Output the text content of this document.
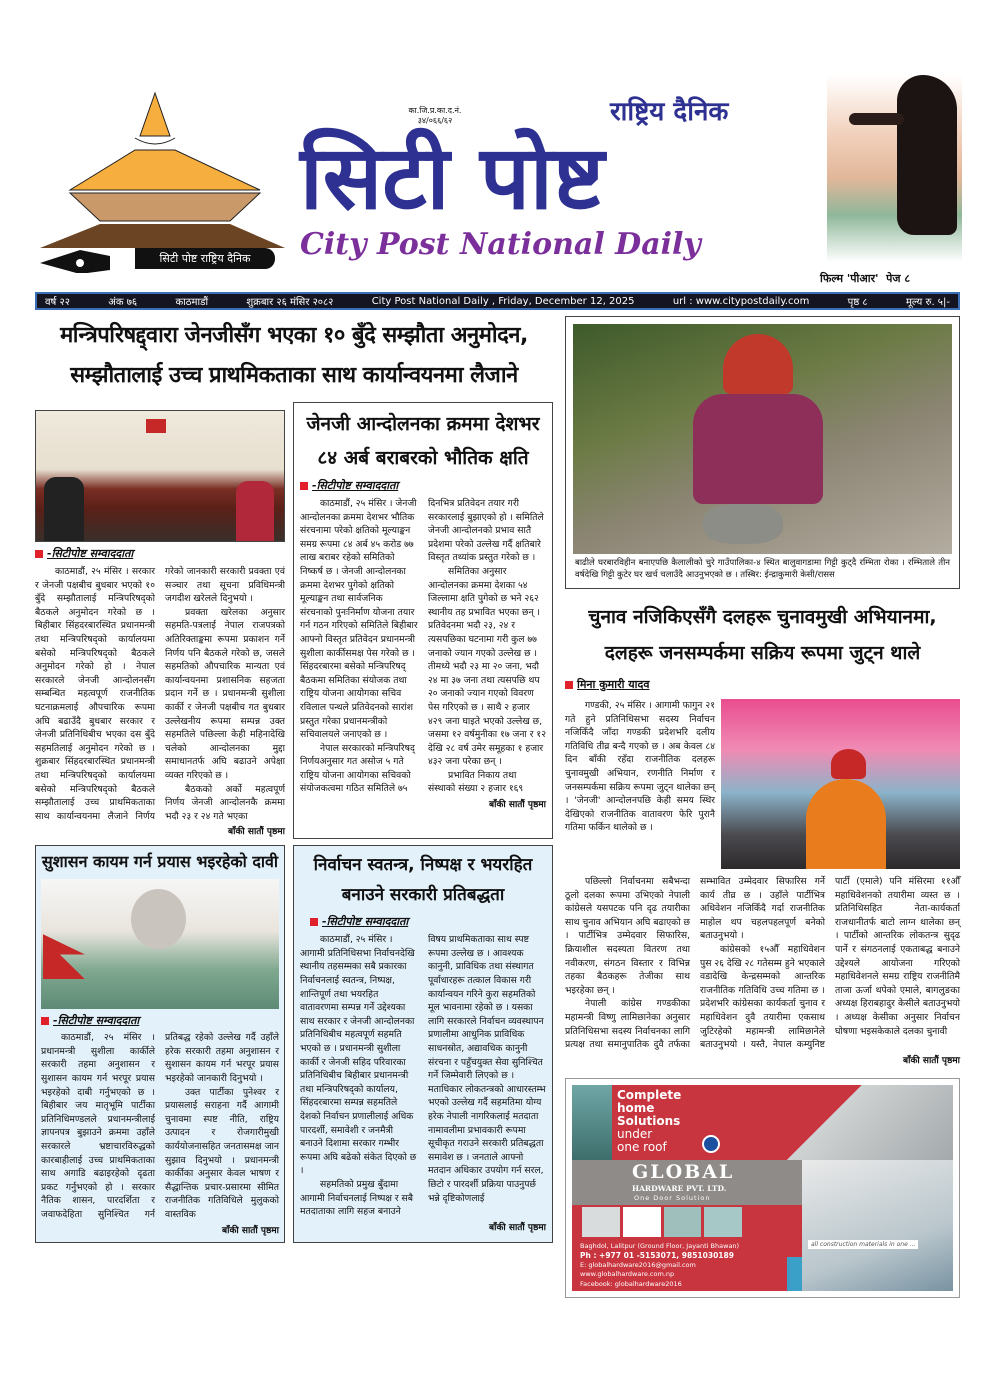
सिटी पोष्ट राष्ट्रिय दैनिक
का.जि.प्र.का.द.नं.
३४/०६६/६२	राष्ट्रिय दैनिक
सिटी पोष्ट
City Post National Daily
फिल्म 'पीआर'  पेज ८
वर्ष २२	अंक ७६	काठमाडौं	शुक्रबार २६ मंसिर २०८२	City Post National Daily , Friday, December 12, 2025	url : www.citypostdaily.com	पृष्ठ ८	मूल्य रु. ५|-
मन्त्रिपरिषद्द्वारा जेनजीसँग भएका १० बुँदे सम्झौता अनुमोदन,
सम्झौतालाई उच्च प्राथमिकताका साथ कार्यान्वयनमा लैजाने
-सिटीपोष्ट सम्वाददाता

काठमाडौं, २५ मंसिर । सरकार र जेनजी पक्षबीच बुधबार भएको १० बुँदे सम्झौतालाई मन्त्रिपरिषद्को बैठकले अनुमोदन गरेको छ । बिहीबार सिंहदरबारस्थित प्रधानमन्त्री तथा मन्त्रिपरिषद्को कार्यालयमा बसेको मन्त्रिपरिषद्को बैठकले अनुमोदन गरेको हो । नेपाल सरकारले जेनजी आन्दोलनसँग सम्बन्धित महत्वपूर्ण राजनीतिक घटनाक्रमलाई औपचारिक रूपमा अघि बढाउँदै बुधबार सरकार र जेनजी प्रतिनिधिबीच भएका दस बुँदे सहमतिलाई अनुमोदन गरेको छ । शुक्रबार सिंहदरबारस्थित प्रधानमन्त्री तथा मन्त्रिपरिषद्को कार्यालयमा बसेको मन्त्रिपरिषद्को बैठकले सम्झौतालाई उच्च प्राथमिकताका साथ कार्यान्वयनमा लैजाने निर्णय गरेको जानकारी सरकारी प्रवक्ता एवं सञ्चार तथा सूचना प्रविधिमन्त्री जगदीश खरेलले दिनुभयो ।

प्रवक्ता खरेलका अनुसार सहमति-पत्रलाई नेपाल राजपत्रको अतिरिक्ताङ्कमा रूपमा प्रकाशन गर्ने निर्णय पनि बैठकले गरेको छ, जसले सहमतिको औपचारिक मान्यता एवं कार्यान्वयनमा प्रशासनिक सहजता प्रदान गर्ने छ । प्रधानमन्त्री सुशीला कार्की र जेनजी पक्षबीच गत बुधबार उल्लेखनीय रूपमा सम्पन्न उक्त सहमतिले पछिल्ला केही महिनादेखि चलेको आन्दोलनका मुद्दा समाधानतर्फ अघि बढाउने अपेक्षा व्यक्त गरिएको छ ।

बैठकको अर्को महत्वपूर्ण निर्णय जेनजी आन्दोलनकै क्रममा भदौ २३ र २४ गते भएका

बाँकी सातौं पृष्ठमा
जेनजी आन्दोलनका क्रममा देशभर
८४ अर्ब बराबरको भौतिक क्षति
-सिटीपोष्ट सम्वाददाता

काठमाडौं, २५ मंसिर । जेनजी आन्दोलनका क्रममा देशभर भौतिक संरचनामा परेको क्षतिको मूल्याङ्कन समग्र रूपमा ८४ अर्ब ४५ करोड ७७ लाख बराबर रहेको समितिको निष्कर्ष छ । जेनजी आन्दोलनका क्रममा देशभर पुगेको क्षतिको मूल्याङ्कन तथा सार्वजनिक संरचनाको पुनःनिर्माण योजना तयार गर्न गठन गरिएको समितिले बिहीबार आफ्नो विस्तृत प्रतिवेदन प्रधानमन्त्री सुशीला कार्कीसमक्ष पेस गरेको छ । सिंहदरबारमा बसेको मन्त्रिपरिषद् बैठकमा समितिका संयोजक तथा राष्ट्रिय योजना आयोगका सचिव रविलाल पन्थले प्रतिवेदनको सारांश प्रस्तुत गरेका प्रधानमन्त्रीको सचिवालयले जनाएको छ ।

नेपाल सरकारको मन्त्रिपरिषद् निर्णयअनुसार गत असोज ५ गते राष्ट्रिय योजना आयोगका सचिवको संयोजकत्वमा गठित समितिले ७५ दिनभित्र प्रतिवेदन तयार गरी सरकारलाई बुझाएको हो । समितिले जेनजी आन्दोलनको प्रभाव सातै प्रदेशमा परेको उल्लेख गर्दै क्षतिबारे विस्तृत तथ्यांक प्रस्तुत गरेको छ ।

समितिका अनुसार आन्दोलनका क्रममा देशका ५४ जिल्लामा क्षति पुगेको छ भने २६२ स्थानीय तह प्रभावित भएका छन् । प्रतिवेदनमा भदौ २३, २४ र त्यसपछिका घटनामा गरी कुल ७७ जनाको ज्यान गएको उल्लेख छ । तीमध्ये भदौ २३ मा २० जना, भदौ २४ मा ३७ जना तथा त्यसपछि थप २० जनाको ज्यान गएको विवरण पेस गरिएको छ । साथै २ हजार ४२९ जना घाइते भएको उल्लेख छ, जसमा १२ वर्षमुनीका १७ जना र १२ देखि २८ वर्ष उमेर समूहका १ हजार ४३२ जना परेका छन् ।

प्रभावित निकाय तथा संस्थाको संख्या २ हजार १६९

बाँकी सातौं पृष्ठमा
सुशासन कायम गर्न प्रयास भइरहेको दावी
-सिटीपोष्ट सम्वाददाता

काठमाडौं, २५ मंसिर । प्रधानमन्त्री सुशीला कार्कीले सरकारी तहमा अनुशासन र सुशासन कायम गर्न भरपूर प्रयास भइरहेको दाबी गर्नुभएको छ । बिहीबार जय मातृभूमि पार्टीका प्रतिनिधिमण्डलले प्रधानमन्त्रीलाई ज्ञापनपत्र बुझाउने क्रममा उहाँले सरकारले भ्रष्टाचारविरुद्धको कारबाहीलाई उच्च प्राथमिकताका साथ अगाडि बढाइरहेको दृढता प्रकट गर्नुभएको हो । सरकार नैतिक शासन, पारदर्शिता र जवाफदेहिता सुनिश्चित गर्न प्रतिबद्ध रहेको उल्लेख गर्दै उहाँले हरेक सरकारी तहमा अनुशासन र सुशासन कायम गर्न भरपूर प्रयास भइरहेको जानकारी दिनुभयो ।

उक्त पार्टीका पुनेश्वर र प्रयासलाई सराहना गर्दै आगामी चुनावमा स्पष्ट नीति, राष्ट्रिय उत्पादन र रोजगारीमुखी कार्ययोजनासहित जनतासमक्ष जान सुझाव दिनुभयो । प्रधानमन्त्री कार्कीका अनुसार केवल भाषण र सैद्धान्तिक प्रचार-प्रसारमा सीमित राजनीतिक गतिविधिले मुलुकको वास्तविक

बाँकी सातौं पृष्ठमा
निर्वाचन स्वतन्त्र, निष्पक्ष र भयरहित
बनाउने सरकारी प्रतिबद्धता
-सिटीपोष्ट सम्वाददाता

काठमाडौं, २५ मंसिर । आगामी प्रतिनिधिसभा निर्वाचनदेखि स्थानीय तहसम्मका सबै प्रकारका निर्वाचनलाई स्वतन्त्र, निष्पक्ष, शान्तिपूर्ण तथा भयरहित वातावरणमा सम्पन्न गर्ने उद्देश्यका साथ सरकार र जेनजी आन्दोलनका प्रतिनिधिबीच महत्वपूर्ण सहमति भएको छ । प्रधानमन्त्री सुशीला कार्की र जेनजी सहिद परिवारका प्रतिनिधिबीच बिहीबार प्रधानमन्त्री तथा मन्त्रिपरिषद्को कार्यालय, सिंहदरबारमा सम्पन्न सहमतिले देशको निर्वाचन प्रणालीलाई अधिक पारदर्शी, समावेशी र जनमैत्री बनाउने दिशामा सरकार गम्भीर रूपमा अघि बढेको संकेत दिएको छ ।

सहमतिको प्रमुख बुँदामा आगामी निर्वाचनलाई निष्पक्ष र सबै मतदाताका लागि सहज बनाउने विषय प्राथमिकताका साथ स्पष्ट रूपमा उल्लेख छ । आवश्यक कानुनी, प्राविधिक तथा संस्थागत पूर्वाधारहरू तत्काल विकास गरी कार्यान्वयन गरिने कुरा सहमतिको मूल भावनामा रहेको छ । यसका लागि सरकारले निर्वाचन व्यवस्थापन प्रणालीमा आधुनिक प्राविधिक साधनस्रोत, अद्यावधिक कानुनी संरचना र पहुँचयुक्त सेवा सुनिश्चित गर्ने जिम्मेवारी लिएको छ । मताधिकार लोकतन्त्रको आधारस्तम्भ भएको उल्लेख गर्दै सहमतिमा योग्य हरेक नेपाली नागरिकलाई मतदाता नामावलीमा प्रभावकारी रूपमा सूचीकृत गराउने सरकारी प्रतिबद्धता समावेश छ । जनताले आफ्नो मतदान अधिकार उपयोग गर्न सरल, छिटो र पारदर्शी प्रक्रिया पाउनुपर्छ भन्ने दृष्टिकोणलाई

बाँकी सातौं पृष्ठमा
बाढीले घरबारविहीन बनाएपछि कैलालीको चुरे गाउँपालिका-४ स्थित बालुवागडामा गिट्टी कुट्दै रम्भिता रोका । रम्भिताले तीन वर्षदेखि गिट्टी कुटेर घर खर्च चलाउँदै आउनुभएको छ । तस्बिर: ईन्द्राकुमारी केसी/रासस
चुनाव नजिकिएसँगै दलहरू चुनावमुखी अभियानमा,
दलहरू जनसम्पर्कमा सक्रिय रूपमा जुट्न थाले
मिना कुमारी यादव

गण्डकी, २५ मंसिर । आगामी फागुन २१ गते हुने प्रतिनिधिसभा सदस्य निर्वाचन नजिकिँदै जाँदा गण्डकी प्रदेशभरि दलीय गतिविधि तीव्र बन्दै गएको छ । अब केवल ८४ दिन बाँकी रहँदा राजनीतिक दलहरू चुनावमुखी अभियान, रणनीति निर्माण र जनसम्पर्कमा सक्रिय रूपमा जुट्न थालेका छन् । 'जेनजी' आन्दोलनपछि केही समय स्थिर देखिएको राजनीतिक वातावरण फेरि पुरानै गतिमा फर्किन थालेको छ ।

पछिल्लो निर्वाचनमा सबैभन्दा ठूलो दलका रूपमा उभिएको नेपाली कांग्रेसले यसपटक पनि दृढ तयारीका साथ चुनाव अभियान अघि बढाएको छ । पार्टीभित्र उम्मेदवार सिफारिस, क्रियाशील सदस्यता वितरण तथा नवीकरण, संगठन विस्तार र विभिन्न तहका बैठकहरू तेजीका साथ भइरहेका छन् ।

नेपाली कांग्रेस गण्डकीका महामन्त्री विष्णु लामिछानेका अनुसार प्रतिनिधिसभा सदस्य निर्वाचनका लागि प्रत्यक्ष तथा समानुपातिक दुवै तर्फका सम्भावित उम्मेदवार सिफारिस गर्ने कार्य तीव्र छ । उहाँले पार्टीभित्र अधिवेशन नजिकिँदै गर्दा राजनीतिक माहोल थप चहलपहलपूर्ण बनेको बताउनुभयो ।

कांग्रेसको १५औँ महाधिवेशन पुस २६ देखि २८ गतेसम्म हुने भएकाले वडादेखि केन्द्रसम्मको आन्तरिक राजनीतिक गतिविधि उच्च गतिमा छ । प्रदेशभरि कांग्रेसका कार्यकर्ता चुनाव र महाधिवेशन दुवै तयारीमा एकसाथ जुटिरहेको महामन्त्री लामिछानेले बताउनुभयो । यस्तै, नेपाल कम्युनिष्ट पार्टी (एमाले) पनि मंसिरमा ११औँ महाधिवेशनको तयारीमा व्यस्त छ । प्रतिनिधिसहित नेता-कार्यकर्ता राजधानीतर्फ बाटो लाग्न थालेका छन् । पार्टीको आन्तरिक लोकतन्त्र सुदृढ पार्ने र संगठनलाई एकताबद्ध बनाउने उद्देश्यले आयोजना गरिएको महाधिवेशनले समग्र राष्ट्रिय राजनीतिमै ताजा ऊर्जा थपेको एमाले, बागलुङका अध्यक्ष हिराबहादुर केसीले बताउनुभयो । अध्यक्ष केसीका अनुसार निर्वाचन घोषणा भइसकेकाले दलका चुनावी

बाँकी सातौं पृष्ठमा
Complete
home
Solutions
under
one roof
GLOBAL
HARDWARE PVT. LTD.
One Door Solution
all construction materials in one ...
Baghdol, Lalitpur (Ground Floor, Jayanti Bhawan)
Ph : +977 01 -5153071, 9851030189
E: globalhardware2016@gmail.com
www.globalhardware.com.np
Facebook: globalhardware2016
